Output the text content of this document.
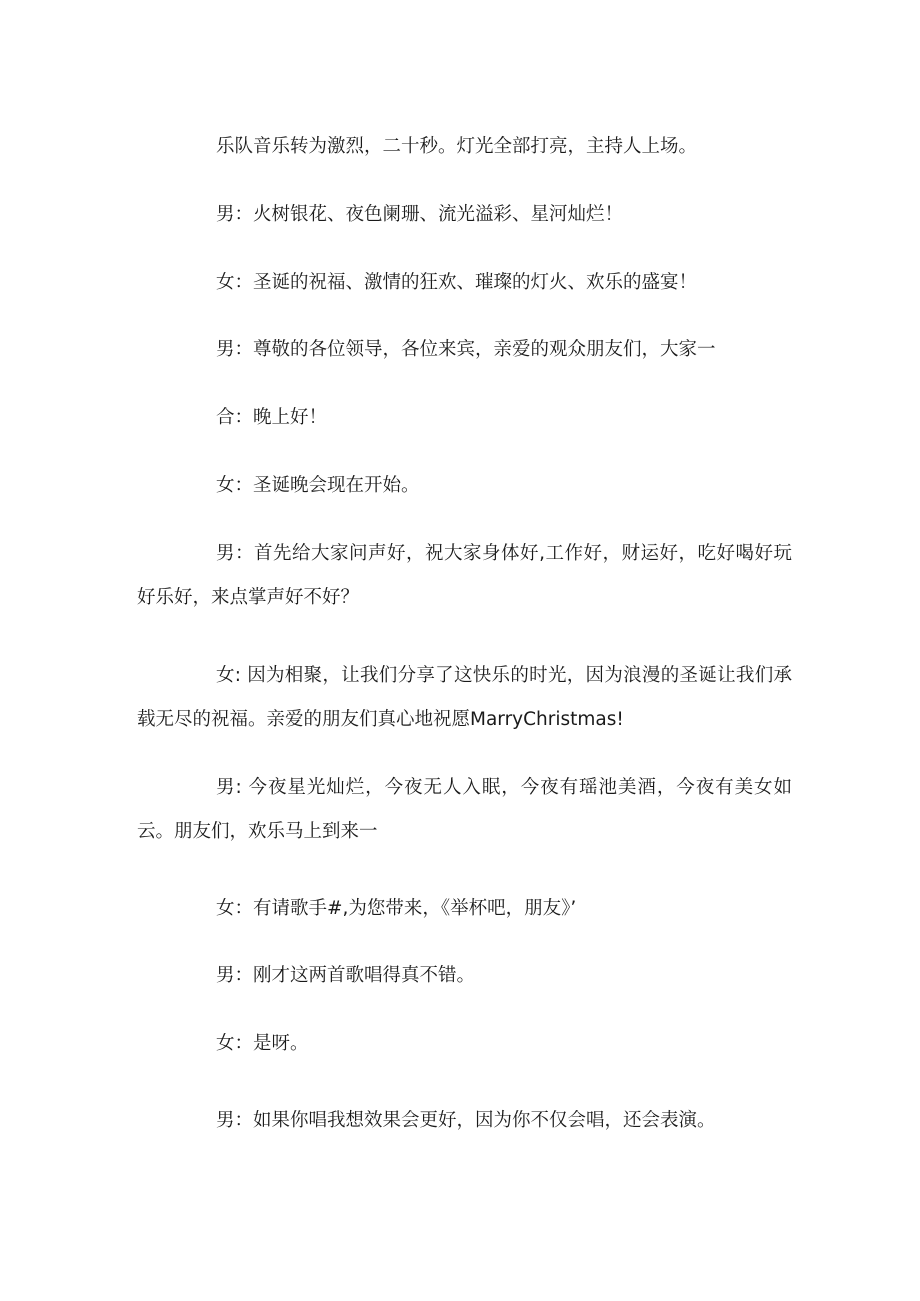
乐队音乐转为激烈，二十秒。灯光全部打亮，主持人上场。

男：火树银花、夜色阑珊、流光溢彩、星河灿烂！

女：圣诞的祝福、激情的狂欢、璀璨的灯火、欢乐的盛宴！

男：尊敬的各位领导，各位来宾，亲爱的观众朋友们，大家一

合：晚上好！

女：圣诞晚会现在开始。

男：首先给大家问声好，祝大家身体好,工作好，财运好，吃好喝好玩好乐好，来点掌声好不好？

女: 因为相聚，让我们分享了这快乐的时光，因为浪漫的圣诞让我们承载无尽的祝福。亲爱的朋友们真心地祝愿MarryChristmas!

男: 今夜星光灿烂，今夜无人入眠，今夜有瑶池美酒，今夜有美女如云。朋友们，欢乐马上到来一

女：有请歌手#,为您带来，《举杯吧，朋友》’

男：刚才这两首歌唱得真不错。

女：是呀。

男：如果你唱我想效果会更好，因为你不仅会唱，还会表演。
